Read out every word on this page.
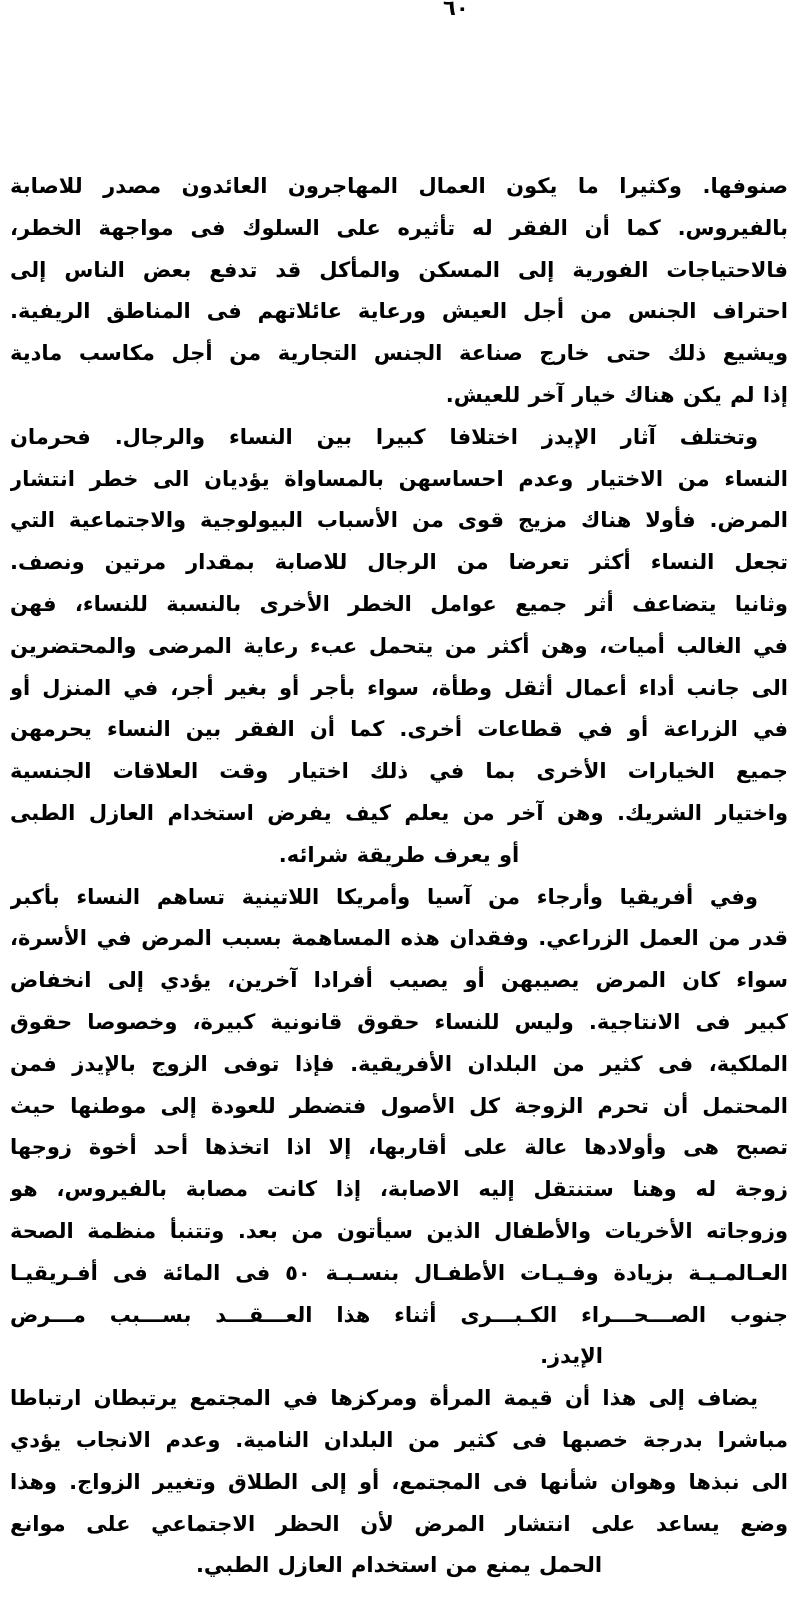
٦٠
صنوفها. وكثيرا ما يكون العمال المهاجرون العائدون مصدر للاصابة
بالفيروس. كما أن الفقر له تأثيره على السلوك فى مواجهة الخطر،
فالاحتياجات الفورية إلى المسكن والمأكل قد تدفع بعض الناس إلى
احتراف الجنس من أجل العيش ورعاية عائلاتهم فى المناطق الريفية.
ويشيع ذلك حتى خارج صناعة الجنس التجارية من أجل مكاسب مادية
إذا لم يكن هناك خيار آخر للعيش.
وتختلف آثار الإيدز اختلافا كبيرا بين النساء والرجال. فحرمان
النساء من الاختيار وعدم احساسهن بالمساواة يؤديان الى خطر انتشار
المرض. فأولا هناك مزيج قوى من الأسباب البيولوجية والاجتماعية التي
تجعل النساء أكثر تعرضا من الرجال للاصابة بمقدار مرتين ونصف.
وثانيا يتضاعف أثر جميع عوامل الخطر الأخرى بالنسبة للنساء، فهن
في الغالب أميات، وهن أكثر من يتحمل عبء رعاية المرضى والمحتضرين
الى جانب أداء أعمال أثقل وطأة، سواء بأجر أو بغير أجر، في المنزل أو
في الزراعة أو في قطاعات أخرى. كما أن الفقر بين النساء يحرمهن
جميع الخيارات الأخرى بما في ذلك اختيار وقت العلاقات الجنسية
واختيار الشريك. وهن آخر من يعلم كيف يفرض استخدام العازل الطبى
أو يعرف طريقة شرائه.
وفي أفريقيا وأرجاء من آسيا وأمريكا اللاتينية تساهم النساء بأكبر
قدر من العمل الزراعي. وفقدان هذه المساهمة بسبب المرض في الأسرة،
سواء كان المرض يصيبهن أو يصيب أفرادا آخرين، يؤدي إلى انخفاض
كبير فى الانتاجية. وليس للنساء حقوق قانونية كبيرة، وخصوصا حقوق
الملكية، فى كثير من البلدان الأفريقية. فإذا توفى الزوج بالإيدز فمن
المحتمل أن تحرم الزوجة كل الأصول فتضطر للعودة إلى موطنها حيث
تصبح هى وأولادها عالة على أقاربها، إلا اذا اتخذها أحد أخوة زوجها
زوجة له وهنا ستنتقل إليه الاصابة، إذا كانت مصابة بالفيروس، هو
وزوجاته الأخريات والأطفال الذين سيأتون من بعد. وتتنبأ منظمة الصحة
العـالمـيـة بزيادة وفـيـات الأطفـال بنسـبـة ٥٠ فى المائة فى أفـريقيـا
جنوب الصـــحـــراء الكـبـــرى أثناء هذا العـــقـــد بســـبب مـــرض
الإيدز.
يضاف إلى هذا أن قيمة المرأة ومركزها في المجتمع يرتبطان ارتباطا
مباشرا بدرجة خصبها فى كثير من البلدان النامية. وعدم الانجاب يؤدي
الى نبذها وهوان شأنها فى المجتمع، أو إلى الطلاق وتغيير الزواج. وهذا
وضع يساعد على انتشار المرض لأن الحظر الاجتماعي على موانع
الحمل يمنع من استخدام العازل الطبي.
